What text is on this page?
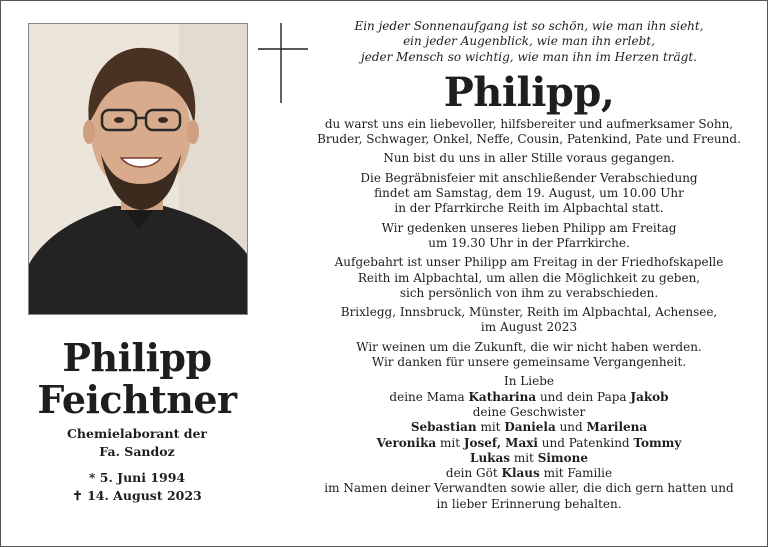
Philipp
Feichtner
Chemielaborant der
Fa. Sandoz
* 5. Juni 1994
✝ 14. August 2023
Ein jeder Sonnenaufgang ist so schön, wie man ihn sieht,
ein jeder Augenblick, wie man ihn erlebt,
jeder Mensch so wichtig, wie man ihn im Herzen trägt.
Philipp,
du warst uns ein liebevoller, hilfsbereiter und aufmerksamer Sohn,
Bruder, Schwager, Onkel, Neffe, Cousin, Patenkind, Pate und Freund.
Nun bist du uns in aller Stille voraus gegangen.
Die Begräbnisfeier mit anschließender Verabschiedung
findet am Samstag, dem 19. August, um 10.00 Uhr
in der Pfarrkirche Reith im Alpbachtal statt.
Wir gedenken unseres lieben Philipp am Freitag
um 19.30 Uhr in der Pfarrkirche.
Aufgebahrt ist unser Philipp am Freitag in der Friedhofskapelle
Reith im Alpbachtal, um allen die Möglichkeit zu geben,
sich persönlich von ihm zu verabschieden.
Brixlegg, Innsbruck, Münster, Reith im Alpbachtal, Achensee,
im August 2023
Wir weinen um die Zukunft, die wir nicht haben werden.
Wir danken für unsere gemeinsame Vergangenheit.
In Liebe
deine Mama Katharina und dein Papa Jakob
deine Geschwister
Sebastian mit Daniela und Marilena
Veronika mit Josef, Maxi und Patenkind Tommy
Lukas mit Simone
dein Göt Klaus mit Familie
im Namen deiner Verwandten sowie aller, die dich gern hatten und
in lieber Erinnerung behalten.
